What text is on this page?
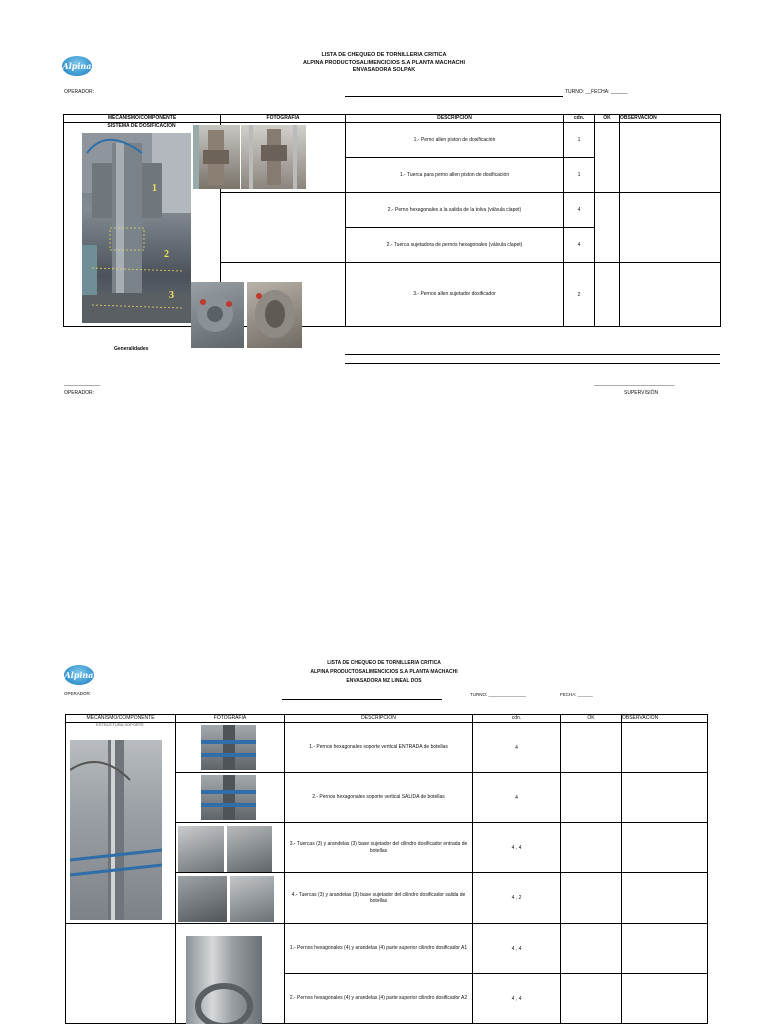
Alpina
LISTA DE CHEQUEO DE TORNILLERIA CRITICA
ALPINA PRODUCTOSALIMENCICIOS S.A PLANTA MACHACHI
ENVASADORA SOLPAK
OPERADOR:	TURNO: __FECHA: ______
MECANISMO/COMPONENTE	FOTOGRAFÍA	DESCRIPCION	cdn.	OK	OBSERVACION
		1.- Perno allen piston de dosificación	1		
		1.- Tuerca para perno allen piston de dosificación	1		
		2.- Perno hexagonales a la salida de la tolva (válvula clapet)	4		
		2.- Tuerca sujetadora de pernos hexagonales (válvula clapet)	4		
		3.- Pernos allen sujetador dosificador	2		
SISTEMA DE DOSIFICACION
1
2
3
Generalidades
_____________
OPERADOR:
_____________________________
SUPERVISIÓN
Alpina
LISTA DE CHEQUEO DE TORNILLERIA CRITICA
ALPINA PRODUCTOSALIMENCICIOS S.A PLANTA MACHACHI
ENVASADORA MZ LINEAL DOS
OPERADOR:	TURNO: _______________	FECHA: ______
MECANISMO/COMPONENTE	FOTOGRAFÍA	DESCRIPCION	cdn.	OK	OBSERVACION
		1.- Pernos hexagonales soporte vertical ENTRADA de botellas	4		
		2.- Pernos hexagonales soporte vertical SALIDA de botellas	4		
		3.- Tuercas (3) y arandelas (3) base sujetador del cilindro dosificador entrada de botellas	4 , 4		
		4.- Tuercas (3) y arandelas (3) base sujetador del cilindro dosificador salida de botellas	4 , 2		
		1.- Pernos hexagonales (4) y arandelas (4) parte superior cilindro dosificador A1	4 , 4		
		2.- Pernos hexagonales (4) y arandelas (4) parte superior cilindro dosificador A2	4 , 4		
ESTRUCTURA SOPORTE
